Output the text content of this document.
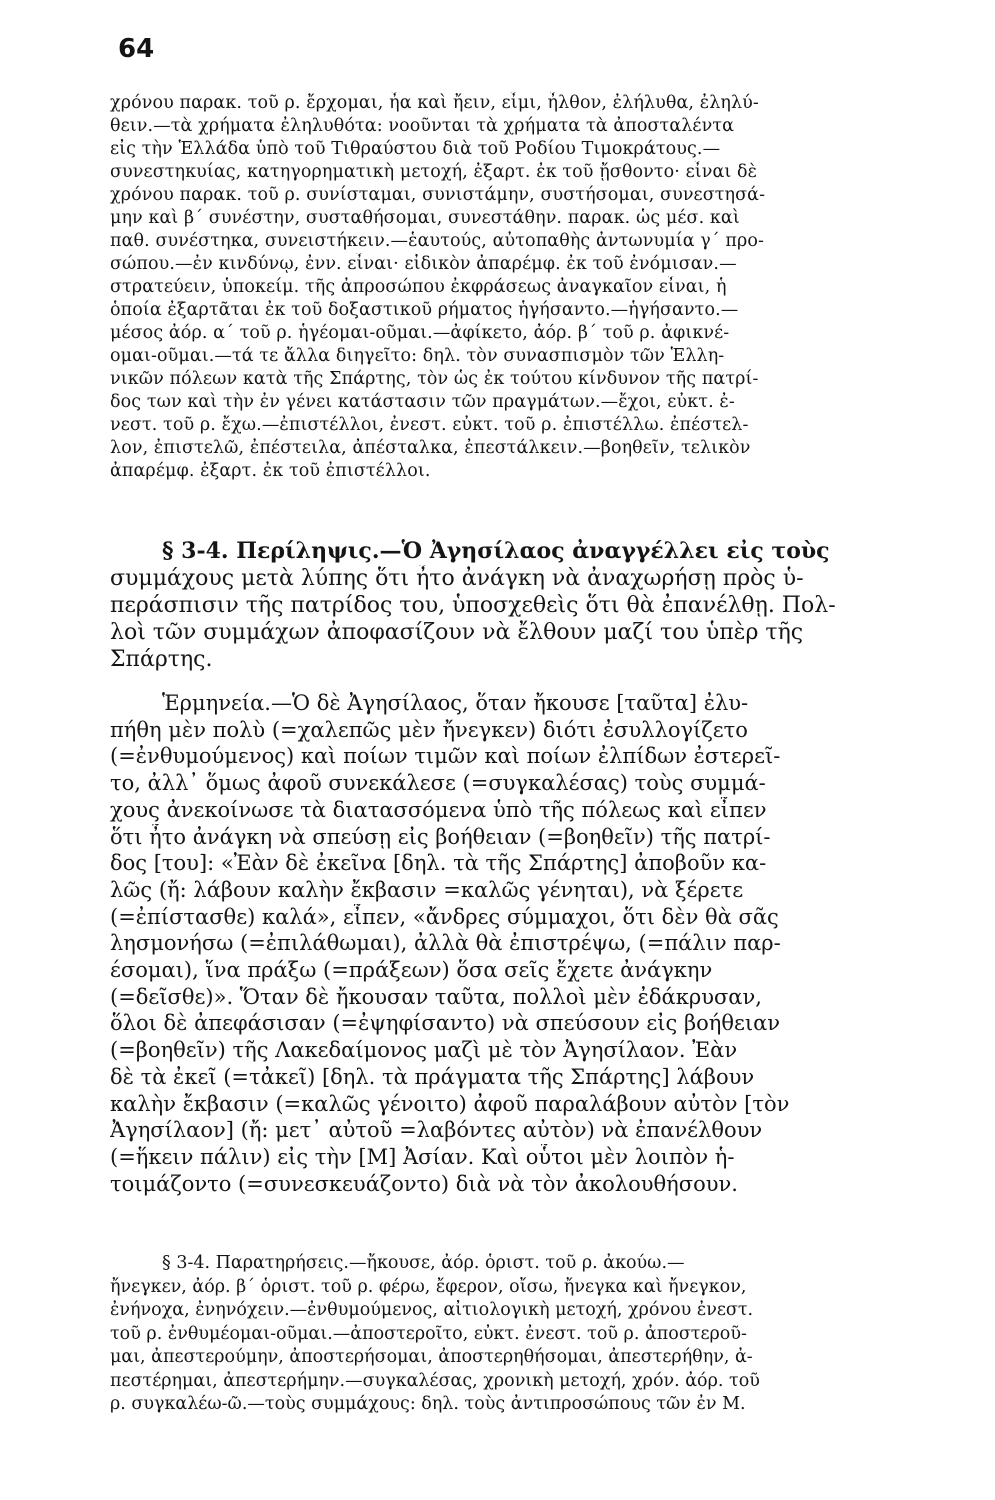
64
χρόνου παρακ. τοῦ ρ. ἔρχομαι, ἦα καὶ ἤειν, εἶμι, ἦλθον, ἐλήλυθα, ἐληλύ-
θειν.—τὰ χρήματα ἐληλυθότα: νοοῦνται τὰ χρήματα τὰ ἀποσταλέντα
εἰς τὴν Ἑλλάδα ὑπὸ τοῦ Τιθραύστου διὰ τοῦ Ροδίου Τιμοκράτους.—
συνεστηκυίας, κατηγορηματικὴ μετοχή, ἐξαρτ. ἐκ τοῦ ᾔσθοντο· εἶναι δὲ
χρόνου παρακ. τοῦ ρ. συνίσταμαι, συνιστάμην, συστήσομαι, συνεστησά-
μην καὶ β΄ συνέστην, συσταθήσομαι, συνεστάθην. παρακ. ὡς μέσ. καὶ
παθ. συνέστηκα, συνειστήκειν.—ἑαυτούς, αὐτοπαθὴς ἀντωνυμία γ΄ προ-
σώπου.—ἐν κινδύνῳ, ἐνν. εἶναι· εἰδικὸν ἀπαρέμφ. ἐκ τοῦ ἐνόμισαν.—
στρατεύειν, ὑποκείμ. τῆς ἀπροσώπου ἐκφράσεως ἀναγκαῖον εἶναι, ἡ
ὁποία ἐξαρτᾶται ἐκ τοῦ δοξαστικοῦ ρήματος ἡγήσαντο.—ἡγήσαντο.—
μέσος ἀόρ. α΄ τοῦ ρ. ἡγέομαι-οῦμαι.—ἀφίκετο, ἀόρ. β΄ τοῦ ρ. ἀφικνέ-
ομαι-οῦμαι.—τά τε ἄλλα διηγεῖτο: δηλ. τὸν συνασπισμὸν τῶν Ἑλλη-
νικῶν πόλεων κατὰ τῆς Σπάρτης, τὸν ὡς ἐκ τούτου κίνδυνον τῆς πατρί-
δος των καὶ τὴν ἐν γένει κατάστασιν τῶν πραγμάτων.—ἔχοι, εὐκτ. ἐ-
νεστ. τοῦ ρ. ἔχω.—ἐπιστέλλοι, ἐνεστ. εὐκτ. τοῦ ρ. ἐπιστέλλω. ἐπέστελ-
λον, ἐπιστελῶ, ἐπέστειλα, ἀπέσταλκα, ἐπεστάλκειν.—βοηθεῖν, τελικὸν
ἀπαρέμφ. ἐξαρτ. ἐκ τοῦ ἐπιστέλλοι.
§ 3-4. Περίληψις.—Ὁ Ἀγησίλαος ἀναγγέλλει εἰς τοὺς
συμμάχους μετὰ λύπης ὅτι ἦτο ἀνάγκη νὰ ἀναχωρήσῃ πρὸς ὑ-
περάσπισιν τῆς πατρίδος του, ὑποσχεθεὶς ὅτι θὰ ἐπανέλθῃ. Πολ-
λοὶ τῶν συμμάχων ἀποφασίζουν νὰ ἔλθουν μαζί του ὑπὲρ τῆς
Σπάρτης.
Ἑρμηνεία.—Ὁ δὲ Ἀγησίλαος, ὅταν ἤκουσε [ταῦτα] ἐλυ-
πήθη μὲν πολὺ (=χαλεπῶς μὲν ἤνεγκεν) διότι ἐσυλλογίζετο
(=ἐνθυμούμενος) καὶ ποίων τιμῶν καὶ ποίων ἐλπίδων ἐστερεῖ-
το, ἀλλ᾽ ὅμως ἀφοῦ συνεκάλεσε (=συγκαλέσας) τοὺς συμμά-
χους ἀνεκοίνωσε τὰ διατασσόμενα ὑπὸ τῆς πόλεως καὶ εἶπεν
ὅτι ἦτο ἀνάγκη νὰ σπεύσῃ εἰς βοήθειαν (=βοηθεῖν) τῆς πατρί-
δος [του]: «Ἐὰν δὲ ἐκεῖνα [δηλ. τὰ τῆς Σπάρτης] ἀποβοῦν κα-
λῶς (ἤ: λάβουν καλὴν ἔκβασιν =καλῶς γένηται), νὰ ξέρετε
(=ἐπίστασθε) καλά», εἶπεν, «ἄνδρες σύμμαχοι, ὅτι δὲν θὰ σᾶς
λησμονήσω (=ἐπιλάθωμαι), ἀλλὰ θὰ ἐπιστρέψω, (=πάλιν παρ-
έσομαι), ἵνα πράξω (=πράξεων) ὅσα σεῖς ἔχετε ἀνάγκην
(=δεῖσθε)». Ὅταν δὲ ἤκουσαν ταῦτα, πολλοὶ μὲν ἐδάκρυσαν,
ὅλοι δὲ ἀπεφάσισαν (=ἐψηφίσαντο) νὰ σπεύσουν εἰς βοήθειαν
(=βοηθεῖν) τῆς Λακεδαίμονος μαζὶ μὲ τὸν Ἀγησίλαον. Ἐὰν
δὲ τὰ ἐκεῖ (=τἀκεῖ) [δηλ. τὰ πράγματα τῆς Σπάρτης] λάβουν
καλὴν ἔκβασιν (=καλῶς γένοιτο) ἀφοῦ παραλάβουν αὐτὸν [τὸν
Ἀγησίλαον] (ἤ: μετ᾽ αὐτοῦ =λαβόντες αὐτὸν) νὰ ἐπανέλθουν
(=ἥκειν πάλιν) εἰς τὴν [Μ] Ἀσίαν. Καὶ οὗτοι μὲν λοιπὸν ἡ-
τοιμάζοντο (=συνεσκευάζοντο) διὰ νὰ τὸν ἀκολουθήσουν.
§ 3-4. Παρατηρήσεις.—ἤκουσε, ἀόρ. ὁριστ. τοῦ ρ. ἀκούω.—
ἤνεγκεν, ἀόρ. β΄ ὁριστ. τοῦ ρ. φέρω, ἔφερον, οἴσω, ἤνεγκα καὶ ἤνεγκον,
ἐνήνοχα, ἐνηνόχειν.—ἐνθυμούμενος, αἰτιολογικὴ μετοχή, χρόνου ἐνεστ.
τοῦ ρ. ἐνθυμέομαι-οῦμαι.—ἀποστεροῖτο, εὐκτ. ἐνεστ. τοῦ ρ. ἀποστεροῦ-
μαι, ἀπεστερούμην, ἀποστερήσομαι, ἀποστερηθήσομαι, ἀπεστερήθην, ἀ-
πεστέρημαι, ἀπεστερήμην.—συγκαλέσας, χρονικὴ μετοχή, χρόν. ἀόρ. τοῦ
ρ. συγκαλέω-ῶ.—τοὺς συμμάχους: δηλ. τοὺς ἀντιπροσώπους τῶν ἐν Μ.
